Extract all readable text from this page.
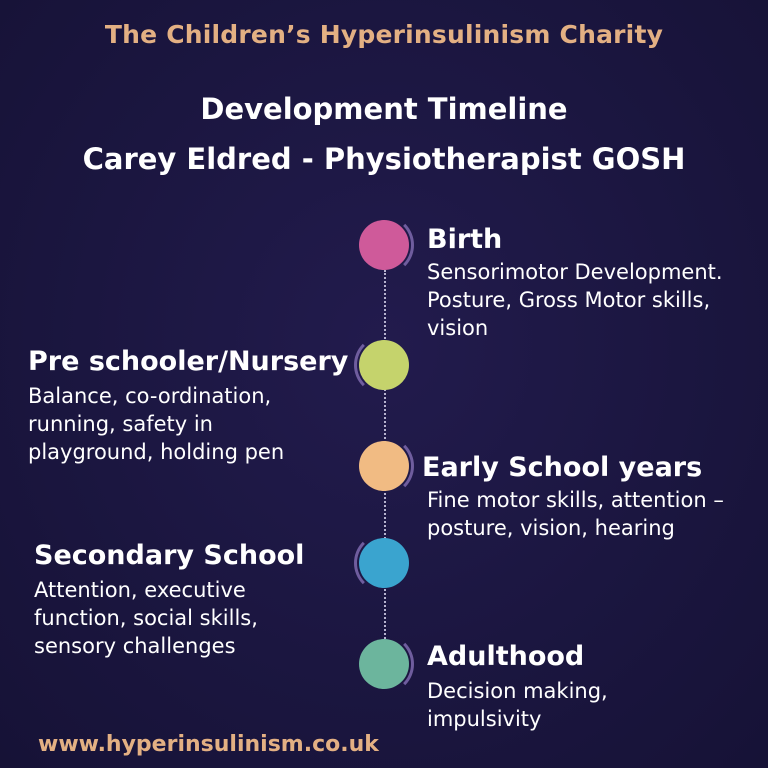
The Children’s Hyperinsulinism Charity
Development Timeline
Carey Eldred - Physiotherapist GOSH
Birth
Sensorimotor Development. Posture, Gross Motor skills, vision
Pre schooler/Nursery
Balance, co-ordination, running, safety in playground, holding pen	Early School years
Fine motor skills, attention – posture, vision, hearing
Secondary School
Attention, executive function, social skills, sensory challenges	Adulthood
Decision making, impulsivity
www.hyperinsulinism.co.uk
